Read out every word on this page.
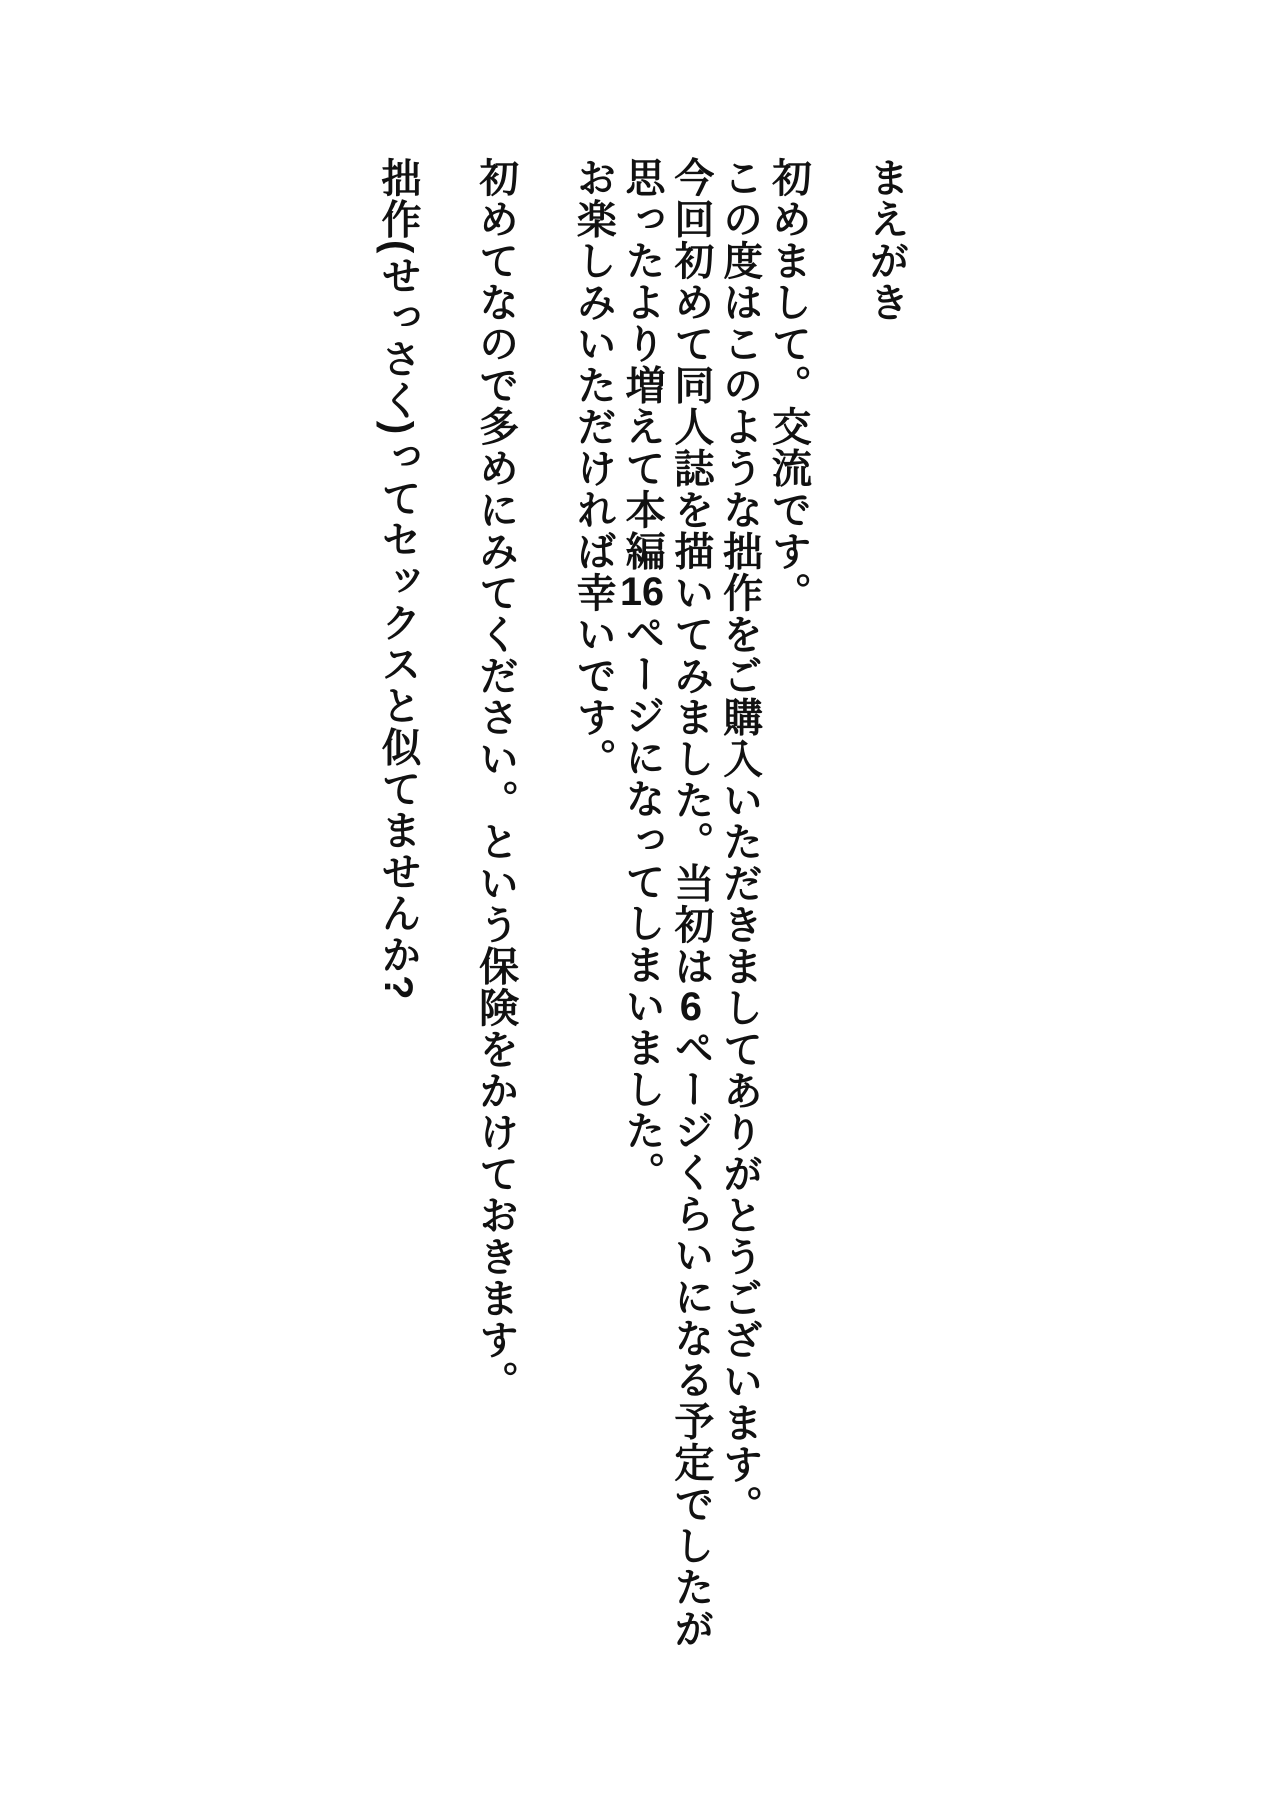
まえがき

初めまして。交流です。
この度はこのような拙作をご購入いただきましてありがとうございます。
今回初めて同人誌を描いてみました。当初は6ページくらいになる予定でしたが
思ったより増えて本編16ページになってしまいました。
お楽しみいただければ幸いです。

初めてなので多めにみてください。という保険をかけておきます。

拙作(せっさく)ってセックスと似てませんか?
